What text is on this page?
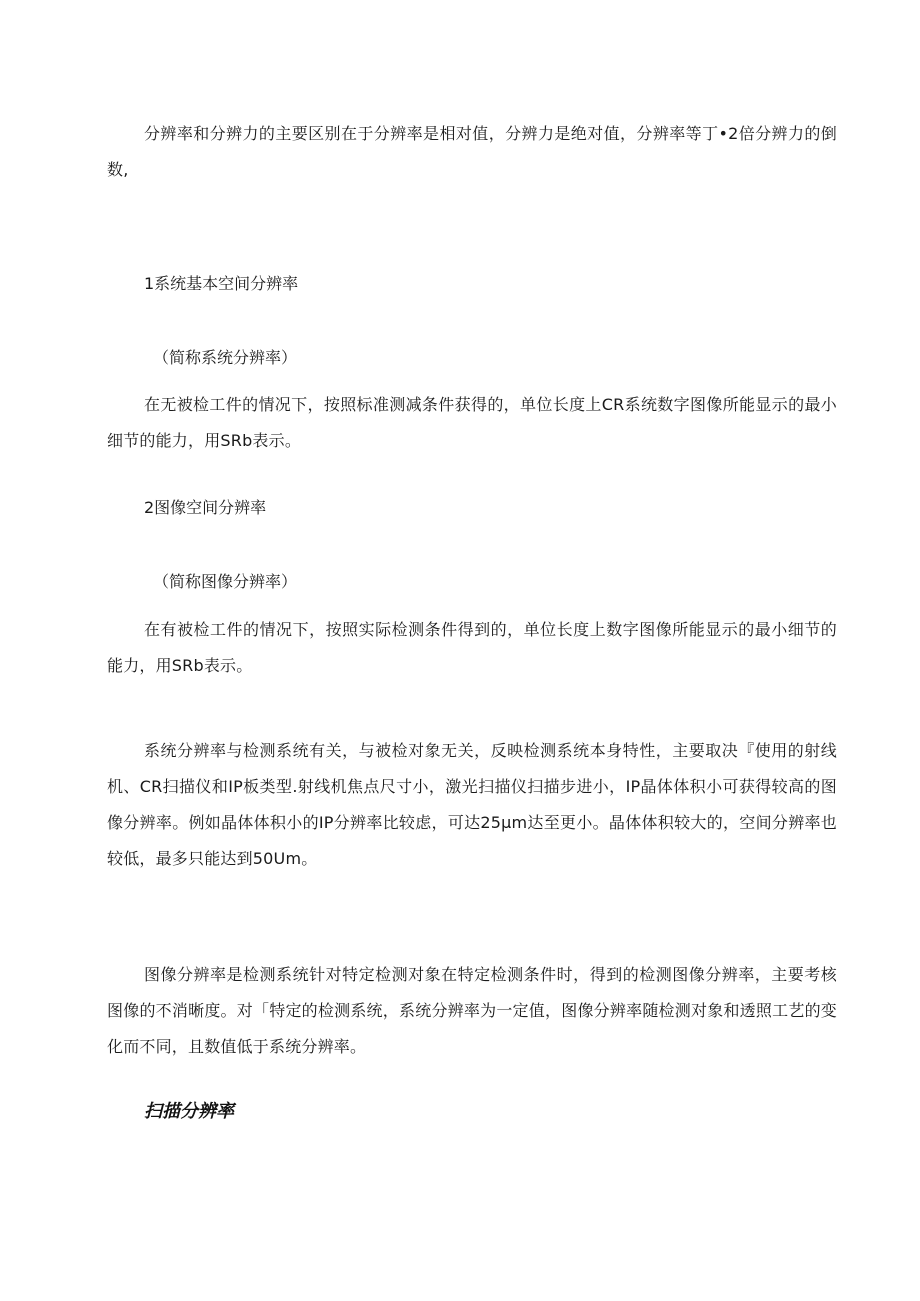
分辨率和分辨力的主要区别在于分辨率是相对值，分辨力是绝对值，分辨率等丁•2倍分辨力的倒数,

1系统基本空间分辨率

（简称系统分辨率）

在无被检工件的情况下，按照标准测减条件获得的，单位长度上CR系统数字图像所能显示的最小细节的能力，用SRb表示。

2图像空间分辨率

（简称图像分辨率）

在有被检工件的情况下，按照实际检测条件得到的，单位长度上数字图像所能显示的最小细节的能力，用SRb表示。

系统分辨率与检测系统有关，与被检对象无关，反映检测系统本身特性，主要取决『使用的射线机、CR扫描仪和IP板类型.射线机焦点尺寸小，激光扫描仪扫描步进小，IP晶体体积小可获得较高的图像分辨率。例如晶体体积小的IP分辨率比较虑，可达25μm达至更小。晶体体积较大的，空间分辨率也较低，最多只能达到50Um。

图像分辨率是检测系统针对特定检测对象在特定检测条件时，得到的检测图像分辨率，主要考核图像的不消晰度。对「特定的检测系统，系统分辨率为一定值，图像分辨率随检测对象和透照工艺的变化而不同，且数值低于系统分辨率。

扫描分辨率
